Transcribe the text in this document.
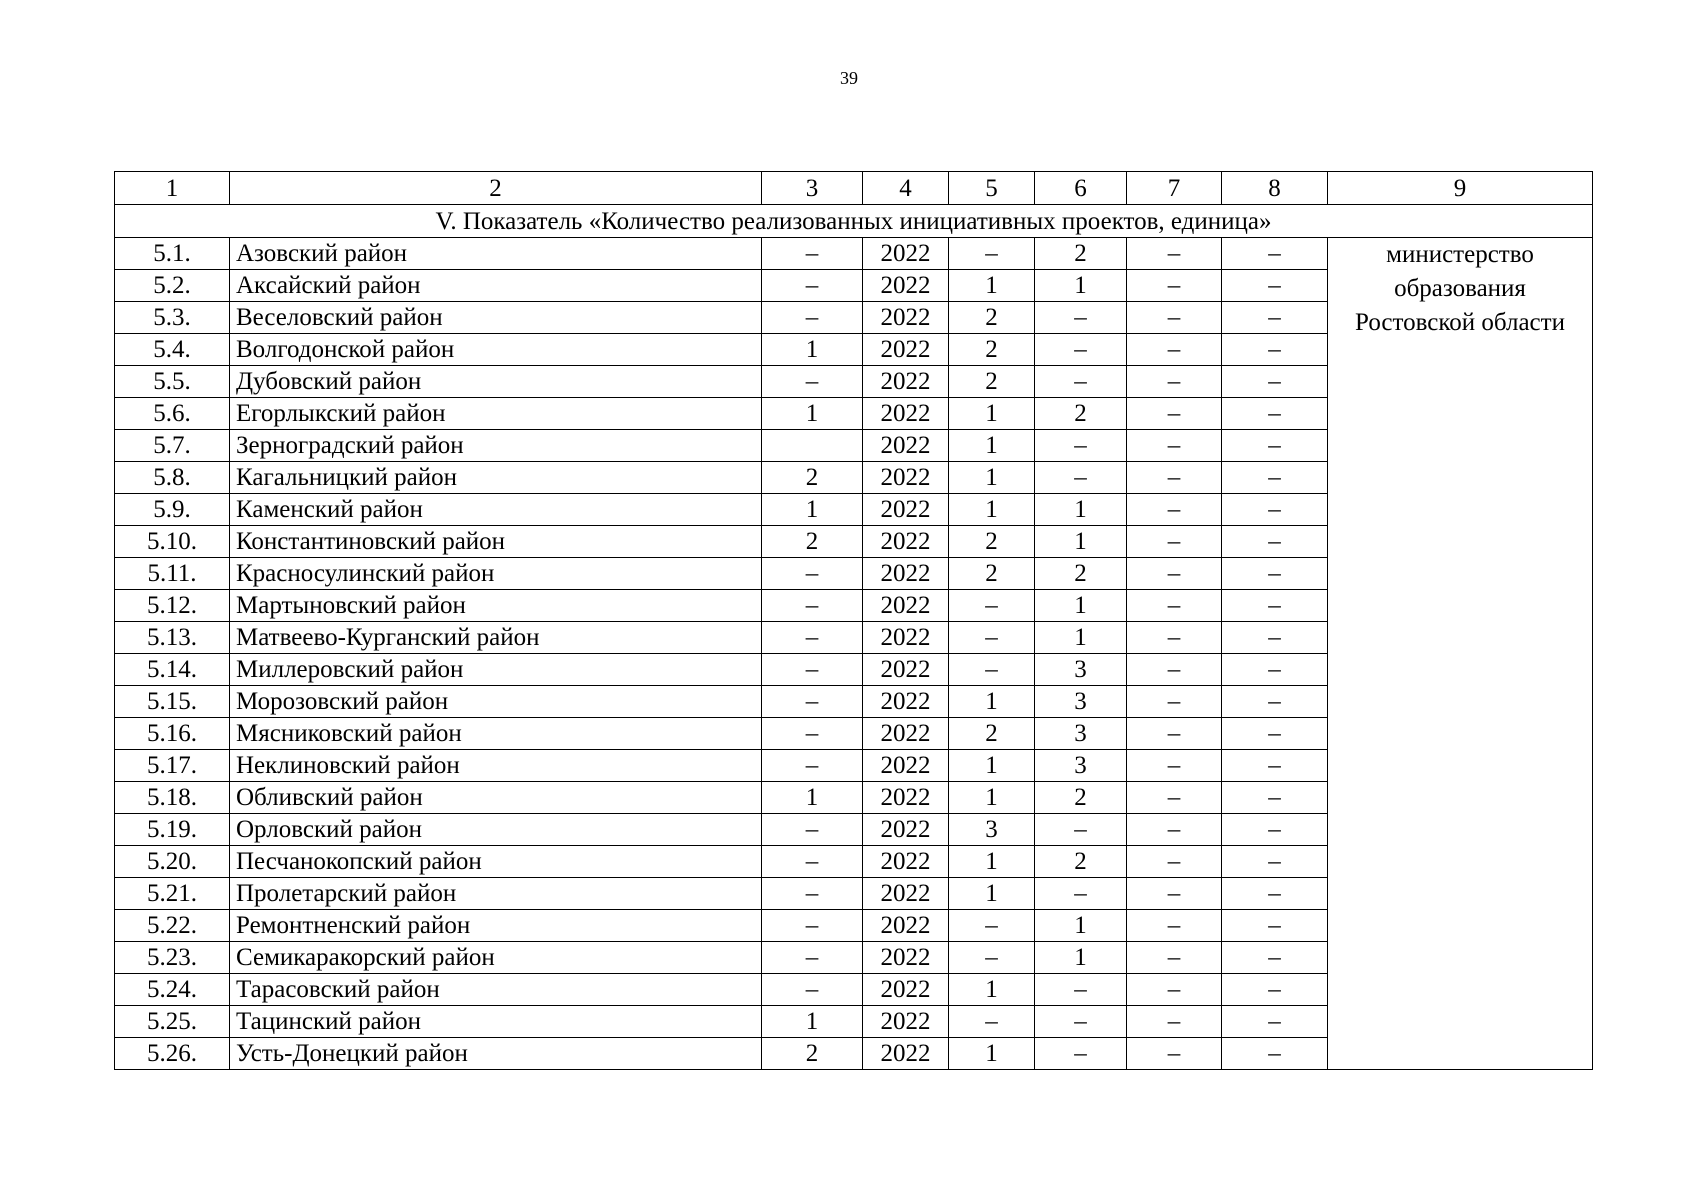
39
1	2	3	4	5	6	7	8	9
V. Показатель «Количество реализованных инициативных проектов, единица»								
5.1.	Азовский район	–	2022	–	2	–	–	министерство
образования
Ростовской области

5.2.	Аксайский район	–	2022	1	1	–	–	
5.3.	Веселовский район	–	2022	2	–	–	–	
5.4.	Волгодонской район	1	2022	2	–	–	–	
5.5.	Дубовский район	–	2022	2	–	–	–	
5.6.	Егорлыкский район	1	2022	1	2	–	–	
5.7.	Зерноградский район		2022	1	–	–	–	
5.8.	Кагальницкий район	2	2022	1	–	–	–	
5.9.	Каменский район	1	2022	1	1	–	–	
5.10.	Константиновский район	2	2022	2	1	–	–	
5.11.	Красносулинский район	–	2022	2	2	–	–	
5.12.	Мартыновский район	–	2022	–	1	–	–	
5.13.	Матвеево-Курганский район	–	2022	–	1	–	–	
5.14.	Миллеровский район	–	2022	–	3	–	–	
5.15.	Морозовский район	–	2022	1	3	–	–	
5.16.	Мясниковский район	–	2022	2	3	–	–	
5.17.	Неклиновский район	–	2022	1	3	–	–	
5.18.	Обливский район	1	2022	1	2	–	–	
5.19.	Орловский район	–	2022	3	–	–	–	
5.20.	Песчанокопский район	–	2022	1	2	–	–	
5.21.	Пролетарский район	–	2022	1	–	–	–	
5.22.	Ремонтненский район	–	2022	–	1	–	–	
5.23.	Семикаракорский район	–	2022	–	1	–	–	
5.24.	Тарасовский район	–	2022	1	–	–	–	
5.25.	Тацинский район	1	2022	–	–	–	–	
5.26.	Усть-Донецкий район	2	2022	1	–	–	–	
